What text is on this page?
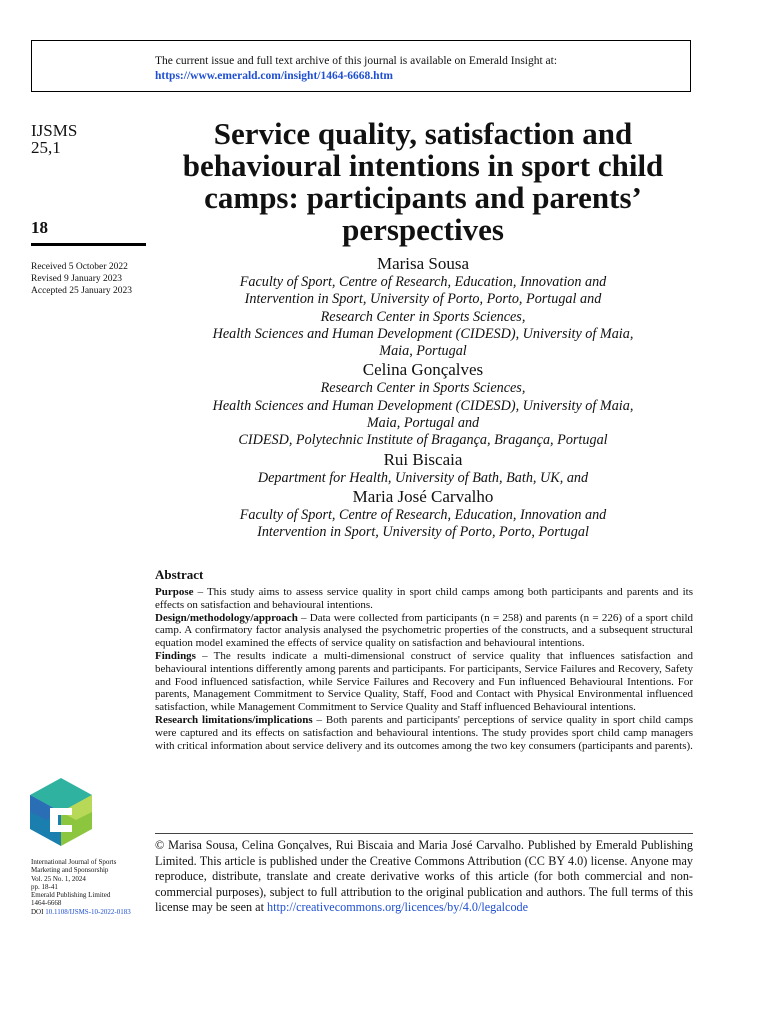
The current issue and full text archive of this journal is available on Emerald Insight at:
https://www.emerald.com/insight/1464-6668.htm
IJSMS
25,1
18
Received 5 October 2022
Revised 9 January 2023
Accepted 25 January 2023
Service quality, satisfaction and behavioural intentions in sport child camps: participants and parents’ perspectives
Marisa Sousa
Faculty of Sport, Centre of Research, Education, Innovation and
Intervention in Sport, University of Porto, Porto, Portugal and
Research Center in Sports Sciences,
Health Sciences and Human Development (CIDESD), University of Maia,
Maia, Portugal
Celina Gonçalves
Research Center in Sports Sciences,
Health Sciences and Human Development (CIDESD), University of Maia,
Maia, Portugal and
CIDESD, Polytechnic Institute of Bragança, Bragança, Portugal
Rui Biscaia
Department for Health, University of Bath, Bath, UK, and
Maria José Carvalho
Faculty of Sport, Centre of Research, Education, Innovation and
Intervention in Sport, University of Porto, Porto, Portugal
Abstract

Purpose – This study aims to assess service quality in sport child camps among both participants and parents and its effects on satisfaction and behavioural intentions.

Design/methodology/approach – Data were collected from participants (n = 258) and parents (n = 226) of a sport child camp. A confirmatory factor analysis analysed the psychometric properties of the constructs, and a subsequent structural equation model examined the effects of service quality on satisfaction and behavioural intentions.

Findings – The results indicate a multi-dimensional construct of service quality that influences satisfaction and behavioural intentions differently among parents and participants. For participants, Service Failures and Recovery, Safety and Food influenced satisfaction, while Service Failures and Recovery and Fun influenced Behavioural Intentions. For parents, Management Commitment to Service Quality, Staff, Food and Contact with Physical Environmental influenced satisfaction, while Management Commitment to Service Quality and Staff influenced Behavioural intentions.

Research limitations/implications – Both parents and participants' perceptions of service quality in sport child camps were captured and its effects on satisfaction and behavioural intentions. The study provides sport child camp managers with critical information about service delivery and its outcomes among the two key consumers (participants and parents).

International Journal of Sports
Marketing and Sponsorship
Vol. 25 No. 1, 2024
pp. 18-41
Emerald Publishing Limited
1464-6668
DOI 10.1108/IJSMS-10-2022-0183
© Marisa Sousa, Celina Gonçalves, Rui Biscaia and Maria José Carvalho. Published by Emerald Publishing Limited. This article is published under the Creative Commons Attribution (CC BY 4.0) license. Anyone may reproduce, distribute, translate and create derivative works of this article (for both commercial and non-commercial purposes), subject to full attribution to the original publication and authors. The full terms of this license may be seen at http://creativecommons.org/licences/by/4.0/legalcode
